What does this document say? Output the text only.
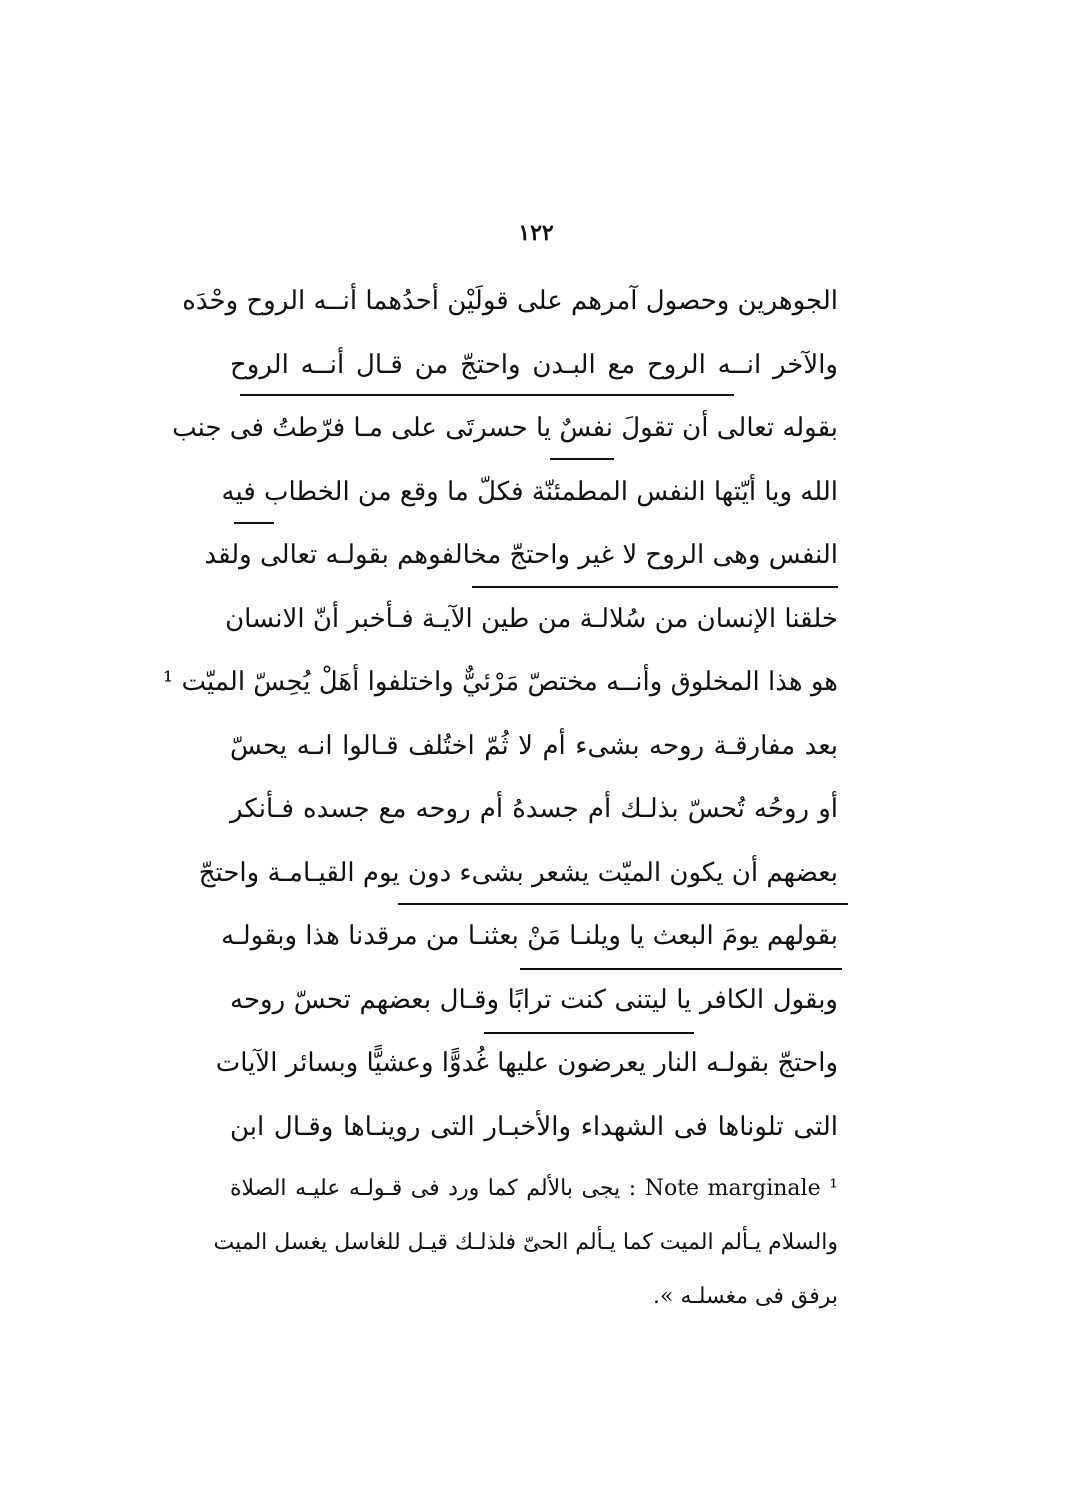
١٢٢
الجوهرين وحصول آمرهم على قولَيْن أحدُهما أنــه الروح وحْدَه
والآخر انــه الروح مع البـدن واحتجّ من قـال أنــه الروح
بقوله تعالى أن تقولَ نفسٌ يا حسرتَى على مـا فرّطتُ فى جنب
الله ويا أيّتها النفس المطمئنّة فكلّ ما وقع من الخطاب فيه
النفس وهى الروح لا غير واحتجّ مخالفوهم بقولـه تعالى ولقد
خلقنا الإنسان من سُلالـة من طين الآيـة فـأخبر أنّ الانسان
هو هذا المخلوق وأنــه مختصّ مَرْئيٌّ واختلفوا أهَلْ يُحِسّ الميّت ¹
بعد مفارقـة روحه بشىء أم لا ثُمّ اختُلف قـالوا انـه يحسّ
أو روحُه تُحسّ بذلـك أم جسدهُ أم روحه مع جسده فـأنكر
بعضهم أن يكون الميّت يشعر بشىء دون يوم القيـامـة واحتجّ
بقولهم يومَ البعث يا ويلنـا مَنْ بعثنـا من مرقدنا هذا وبقولـه
وبقول الكافر يا ليتنى كنت ترابًا وقـال بعضهم تحسّ روحه
واحتجّ بقولـه النار يعرضون عليها غُدوًّا وعشيًّا وبسائر الآيات
التى تلوناها فى الشهداء والأخبـار التى روينـاها وقـال ابن
¹ Note marginale : يجى بالألم كما ورد فى قـولـه عليـه الصلاة
والسلام يـألم الميت كما يـألم الحىّ فلذلـك قيـل للغاسل يغسل الميت
برفق فى مغسلـه ».
